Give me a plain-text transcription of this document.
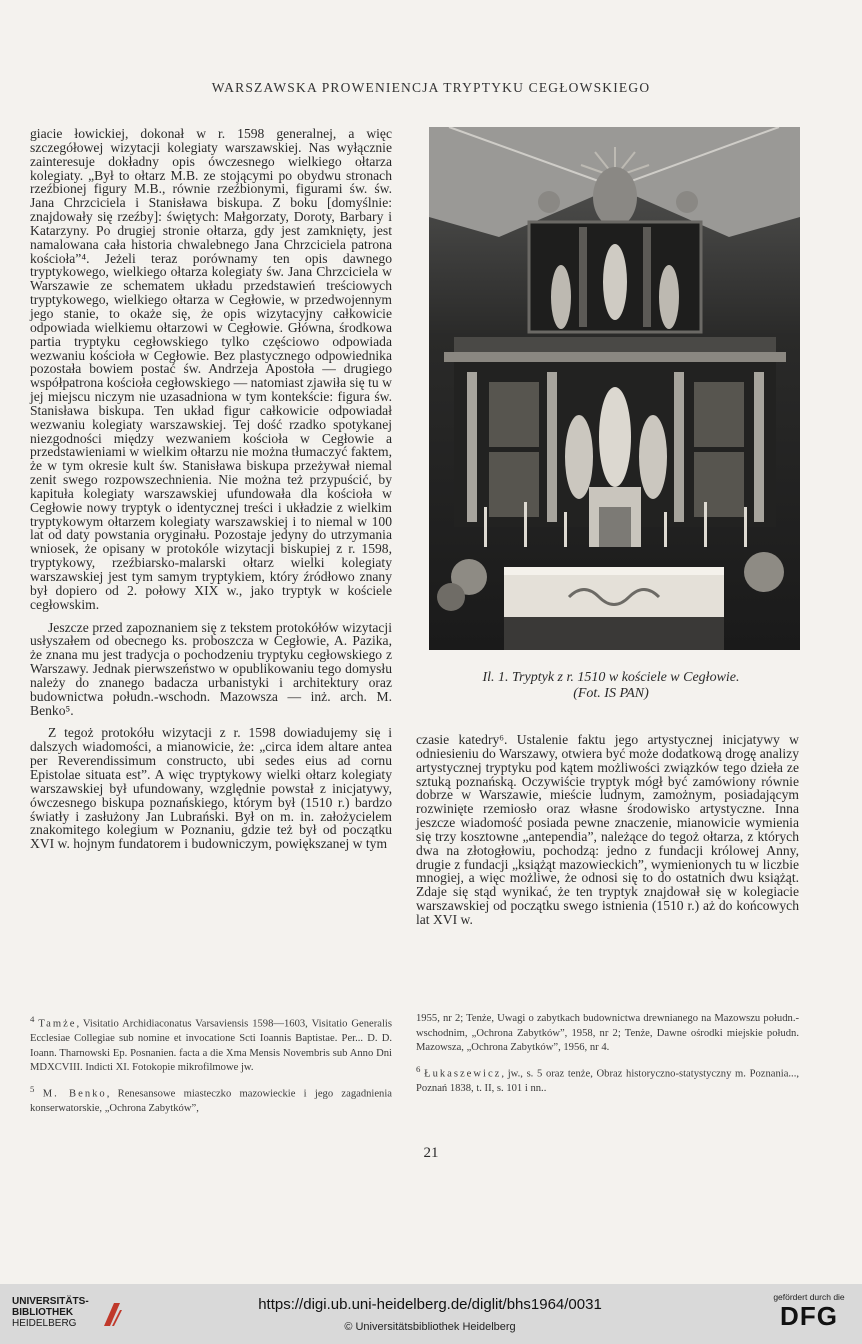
WARSZAWSKA PROWENIENCJA TRYPTYKU CEGŁOWSKIEGO

giacie łowickiej, dokonał w r. 1598 generalnej, a więc szczegółowej wizytacji kolegiaty warszawskiej. Nas wyłącznie zainteresuje dokładny opis ówczesnego wielkiego ołtarza kolegiaty. „Był to ołtarz M.B. ze stojącymi po obydwu stronach rzeźbionej figury M.B., równie rzeźbionymi, figurami św. św. Jana Chrzciciela i Stanisława biskupa. Z boku [domyślnie: znajdowały się rzeźby]: świętych: Małgorzaty, Doroty, Barbary i Katarzyny. Po drugiej stronie ołtarza, gdy jest zamknięty, jest namalowana cała historia chwalebnego Jana Chrzciciela patrona kościoła”⁴. Jeżeli teraz porównamy ten opis dawnego tryptykowego, wielkiego ołtarza kolegiaty św. Jana Chrzciciela w Warszawie ze schematem układu przedstawień treściowych tryptykowego, wielkiego ołtarza w Cegłowie, w przedwojennym jego stanie, to okaże się, że opis wizytacyjny całkowicie odpowiada wielkiemu ołtarzowi w Cegłowie. Główna, środkowa partia tryptyku cegłowskiego tylko częściowo odpowiada wezwaniu kościoła w Cegłowie. Bez plastycznego odpowiednika pozostała bowiem postać św. Andrzeja Apostoła — drugiego współpatrona kościoła cegłowskiego — natomiast zjawiła się tu w jej miejscu niczym nie uzasadniona w tym kontekście: figura św. Stanisława biskupa. Ten układ figur całkowicie odpowiadał wezwaniu kolegiaty warszawskiej. Tej dość rzadko spotykanej niezgodności między wezwaniem kościoła w Cegłowie a przedstawieniami w wielkim ołtarzu nie można tłumaczyć faktem, że w tym okresie kult św. Stanisława biskupa przeżywał niemal zenit swego rozpowszechnienia. Nie można też przypuścić, by kapituła kolegiaty warszawskiej ufundowała dla kościoła w Cegłowie nowy tryptyk o identycznej treści i układzie z wielkim tryptykowym ołtarzem kolegiaty warszawskiej i to niemal w 100 lat od daty powstania oryginału. Pozostaje jedyny do utrzymania wniosek, że opisany w protokóle wizytacji biskupiej z r. 1598, tryptykowy, rzeźbiarsko-malarski ołtarz wielki kolegiaty warszawskiej jest tym samym tryptykiem, który źródłowo znany był dopiero od 2. połowy XIX w., jako tryptyk w kościele cegłowskim.

Jeszcze przed zapoznaniem się z tekstem protokółów wizytacji usłyszałem od obecnego ks. proboszcza w Cegłowie, A. Pazika, że znana mu jest tradycja o pochodzeniu tryptyku cegłowskiego z Warszawy. Jednak pierwszeństwo w opublikowaniu tego domysłu należy do znanego badacza urbanistyki i architektury oraz budownictwa połudn.-wschodn. Mazowsza — inż. arch. M. Benko⁵.

Z tegoż protokółu wizytacji z r. 1598 dowiadujemy się i dalszych wiadomości, a mianowicie, że: „circa idem altare antea per Reverendissimum constructo, ubi sedes eius ad cornu Epistolae situata est”. A więc tryptykowy wielki ołtarz kolegiaty warszawskiej był ufundowany, względnie powstał z inicjatywy, ówczesnego biskupa poznańskiego, którym był (1510 r.) bardzo światły i zasłużony Jan Lubrański. Był on m. in. założycielem znakomitego kolegium w Poznaniu, gdzie też był od początku XVI w. hojnym fundatorem i budowniczym, powiększanej w tym

Il. 1. Tryptyk z r. 1510 w kościele w Cegłowie.
(Fot. IS PAN)

czasie katedry⁶. Ustalenie faktu jego artystycznej inicjatywy w odniesieniu do Warszawy, otwiera być może dodatkową drogę analizy artystycznej tryptyku pod kątem możliwości związków tego dzieła ze sztuką poznańską. Oczywiście tryptyk mógł być zamówiony równie dobrze w Warszawie, mieście ludnym, zamożnym, posiadającym rozwinięte rzemiosło oraz własne środowisko artystyczne. Inna jeszcze wiadomość posiada pewne znaczenie, mianowicie wymienia się trzy kosztowne „antependia”, należące do tegoż ołtarza, z których dwa na złotogłowiu, pochodzą: jedno z fundacji królowej Anny, drugie z fundacji „książąt mazowieckich”, wymienionych tu w liczbie mnogiej, a więc możliwe, że odnosi się to do ostatnich dwu książąt. Zdaje się stąd wynikać, że ten tryptyk znajdował się w kolegiacie warszawskiej od początku swego istnienia (1510 r.) aż do końcowych lat XVI w.

$^4$ Tamże, Visitatio Archidiaconatus Varsaviensis 1598—1603, Visitatio Generalis Ecclesiae Collegiae sub nomine et invocatione Scti Ioannis Baptistae. Per... D. D. Ioann. Tharnowski Ep. Posnanien. facta a die Xma Mensis Novembris sub Anno Dni MDXCVIII. Indicti XI. Fotokopie mikrofilmowe jw.

$^5$ M. Benko, Renesansowe miasteczko mazowieckie i jego zagadnienia konserwatorskie, „Ochrona Zabytków”,

1955, nr 2; Tenże, Uwagi o zabytkach budownictwa drewnianego na Mazowszu połudn.-wschodnim, „Ochrona Zabytków”, 1958, nr 2; Tenże, Dawne ośrodki miejskie połudn. Mazowsza, „Ochrona Zabytków”, 1956, nr 4.

$^6$ Łukaszewicz, jw., s. 5 oraz tenże, Obraz historyczno-statystyczny m. Poznania..., Poznań 1838, t. II, s. 101 i nn..

21
UNIVERSITÄTS-
BIBLIOTHEK
HEIDELBERG
https://digi.ub.uni-heidelberg.de/diglit/bhs1964/0031
© Universitätsbibliothek Heidelberg
gefördert durch die
DFG
